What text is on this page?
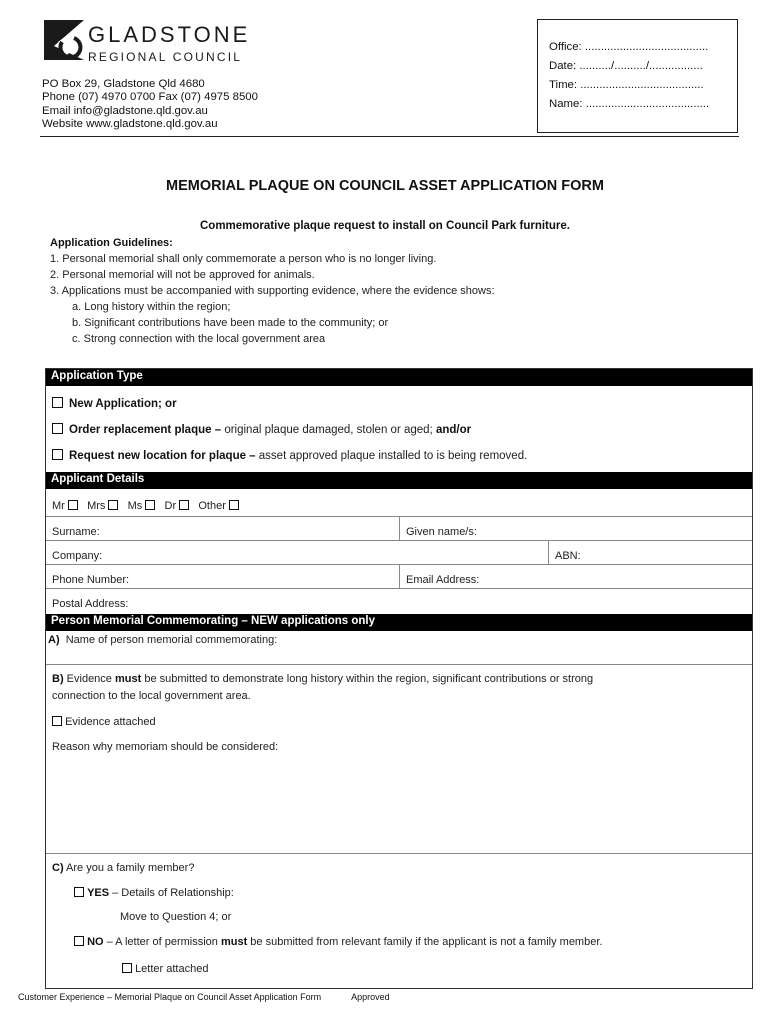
GLADSTONE
REGIONAL COUNCIL
PO Box 29, Gladstone Qld 4680
Phone (07) 4970 0700 Fax (07) 4975 8500
Email info@gladstone.qld.gov.au
Website www.gladstone.qld.gov.au
Office: .......................................
Date: ........../........../.................
Time: .......................................
Name: .......................................
MEMORIAL PLAQUE ON COUNCIL ASSET APPLICATION FORM
Commemorative plaque request to install on Council Park furniture.
Application Guidelines:
1. Personal memorial shall only commemorate a person who is no longer living.
2. Personal memorial will not be approved for animals.
3. Applications must be accompanied with supporting evidence, where the evidence shows:
a. Long history within the region;
b. Significant contributions have been made to the community; or
c. Strong connection with the local government area
Application Type
New Application; or
Order replacement plaque – original plaque damaged, stolen or aged; and/or
Request new location for plaque – asset approved plaque installed to is being removed.
Applicant Details
Mr Mrs Ms Dr Other
Surname:	Given name/s:
Company:	ABN:
Phone Number:	Email Address:
Postal Address:
Person Memorial Commemorating – NEW applications only
A) Name of person memorial commemorating:
B) Evidence must be submitted to demonstrate long history within the region, significant contributions or strong
connection to the local government area.
Evidence attached
Reason why memoriam should be considered:
C) Are you a family member?
YES – Details of Relationship:
Move to Question 4; or
NO – A letter of permission must be submitted from relevant family if the applicant is not a family member.
Letter attached
Customer Experience – Memorial Plaque on Council Asset Application Form	Approved
